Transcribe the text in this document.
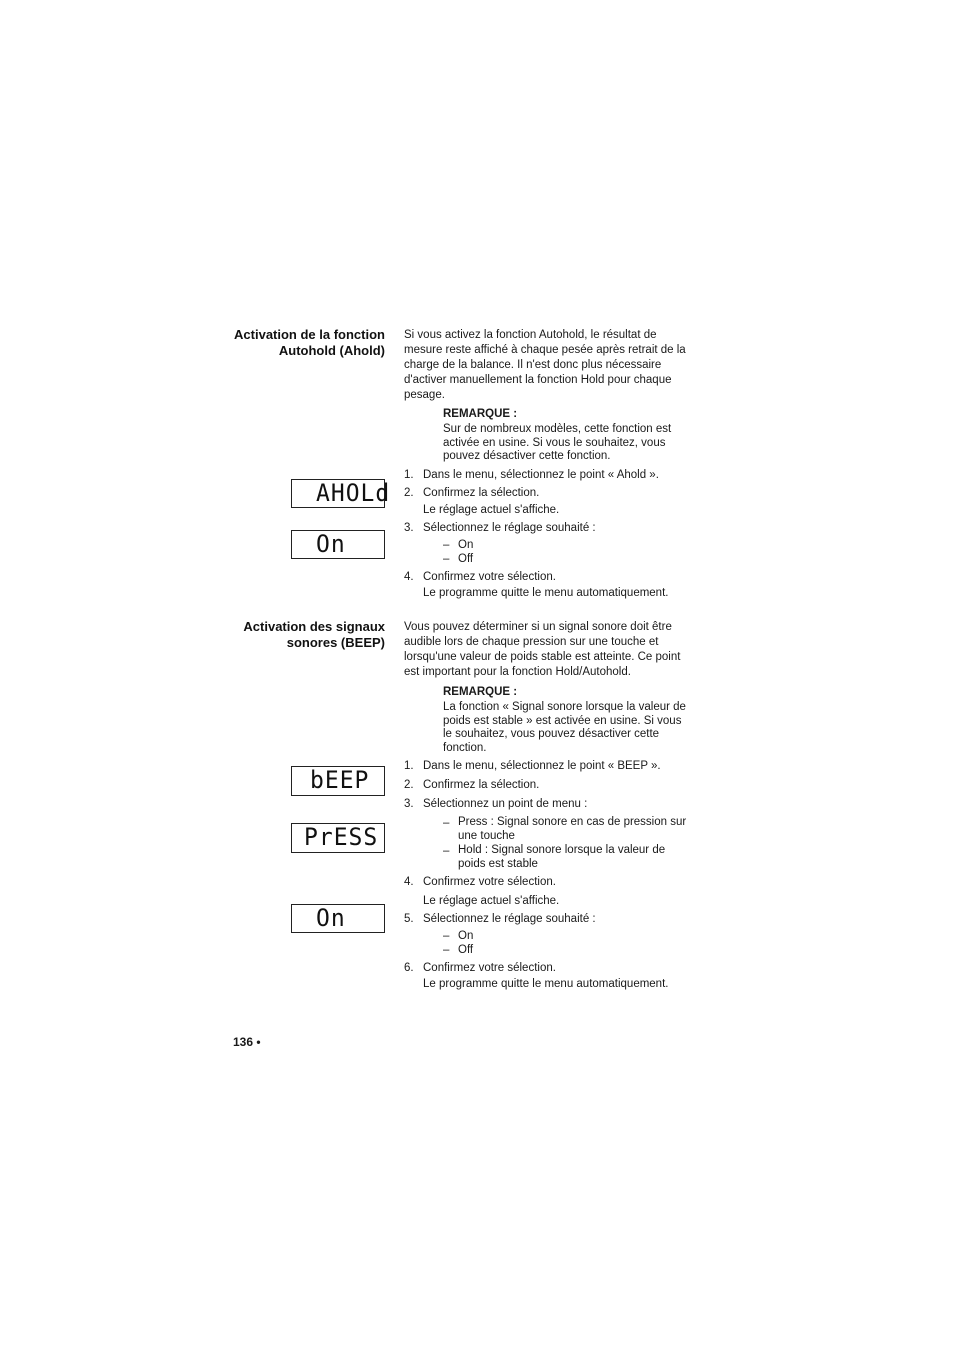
Activation de la fonction
Autohold (Ahold)
Si vous activez la fonction Autohold, le résultat de mesure reste affiché à chaque pesée après retrait de la charge de la balance. Il n'est donc plus nécessaire d'activer manuellement la fonction Hold pour chaque pesage.
REMARQUE :
Sur de nombreux modèles, cette fonction est activée en usine. Si vous le souhaitez, vous pouvez désactiver cette fonction.
1. Dans le menu, sélectionnez le point « Ahold ».
2. Confirmez la sélection.
Le réglage actuel s'affiche.
3. Sélectionnez le réglage souhaité :
– On
– Off
4. Confirmez votre sélection.
Le programme quitte le menu automatiquement.
AHOLd
On
Activation des signaux
sonores (BEEP)
Vous pouvez déterminer si un signal sonore doit être audible lors de chaque pression sur une touche et lorsqu'une valeur de poids stable est atteinte. Ce point est important pour la fonction Hold/Autohold.
REMARQUE :
La fonction « Signal sonore lorsque la valeur de poids est stable » est activée en usine. Si vous le souhaitez, vous pouvez désactiver cette fonction.
1. Dans le menu, sélectionnez le point « BEEP ».
2. Confirmez la sélection.
3. Sélectionnez un point de menu :
– Press : Signal sonore en cas de pression sur une touche
– Hold : Signal sonore lorsque la valeur de poids est stable
4. Confirmez votre sélection.
Le réglage actuel s'affiche.
5. Sélectionnez le réglage souhaité :
– On
– Off
6. Confirmez votre sélection.
Le programme quitte le menu automatiquement.
bEEP
PrESS
On
136 •
